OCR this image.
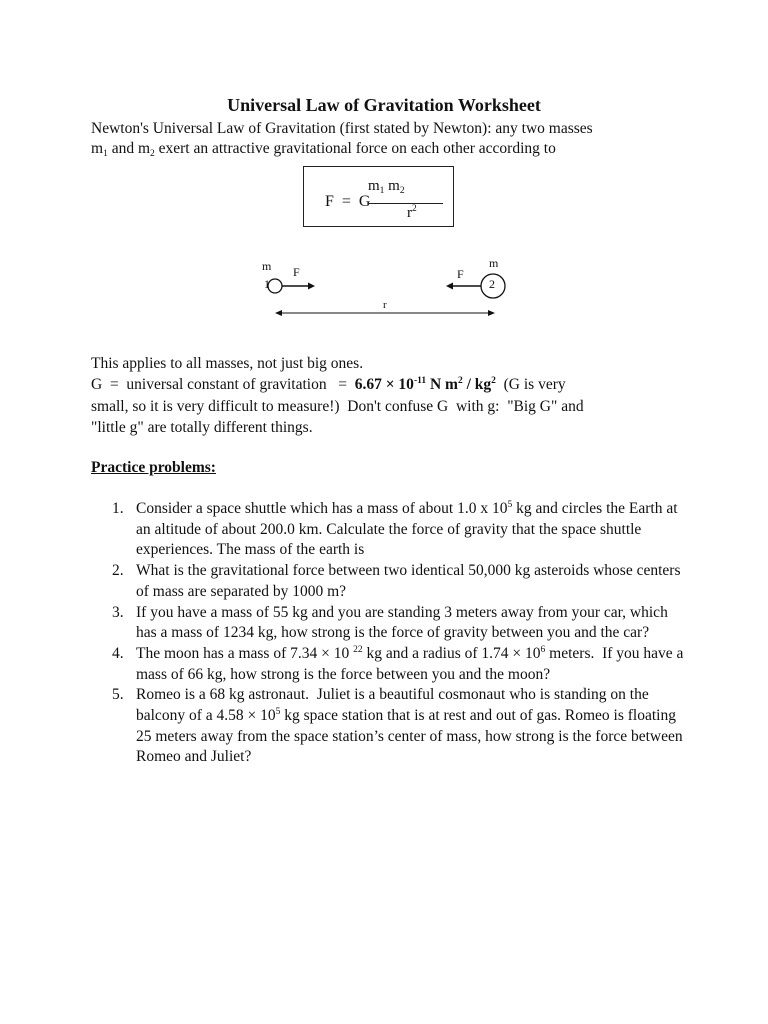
Universal Law of Gravitation Worksheet
Newton's Universal Law of Gravitation (first stated by Newton): any two masses
$m_1$ and $m_2$ exert an attractive gravitational force on each other according to
F  =  G
$m_1$ $m_2$
$r^2$
m
1
F
m
2
F
r
This applies to all masses, not just big ones.
G  =  universal constant of gravitation   =  $6.67 \times 10^{-11}$ N $m^2 / kg^2$  (G is very
small, so it is very difficult to measure!)  Don't confuse G  with g:  "Big G" and
"little g" are totally different things.
Practice problems:
1. Consider a space shuttle which has a mass of about 1.0 x $10^5$ kg and circles the Earth at an altitude of about 200.0 km. Calculate the force of gravity that the space shuttle experiences. The mass of the earth is
2. What is the gravitational force between two identical 50,000 kg asteroids whose centers of mass are separated by 1000 m?
3. If you have a mass of 55 kg and you are standing 3 meters away from your car, which has a mass of 1234 kg, how strong is the force of gravity between you and the car?
4. The moon has a mass of 7.34 × 10 $^{22}$ kg and a radius of $1.74 \times 10^6$ meters.  If you have a mass of 66 kg, how strong is the force between you and the moon?
5. Romeo is a 68 kg astronaut.  Juliet is a beautiful cosmonaut who is standing on the balcony of a $4.58 \times 10^5$ kg space station that is at rest and out of gas. Romeo is floating 25 meters away from the space station’s center of mass, how strong is the force between Romeo and Juliet?
